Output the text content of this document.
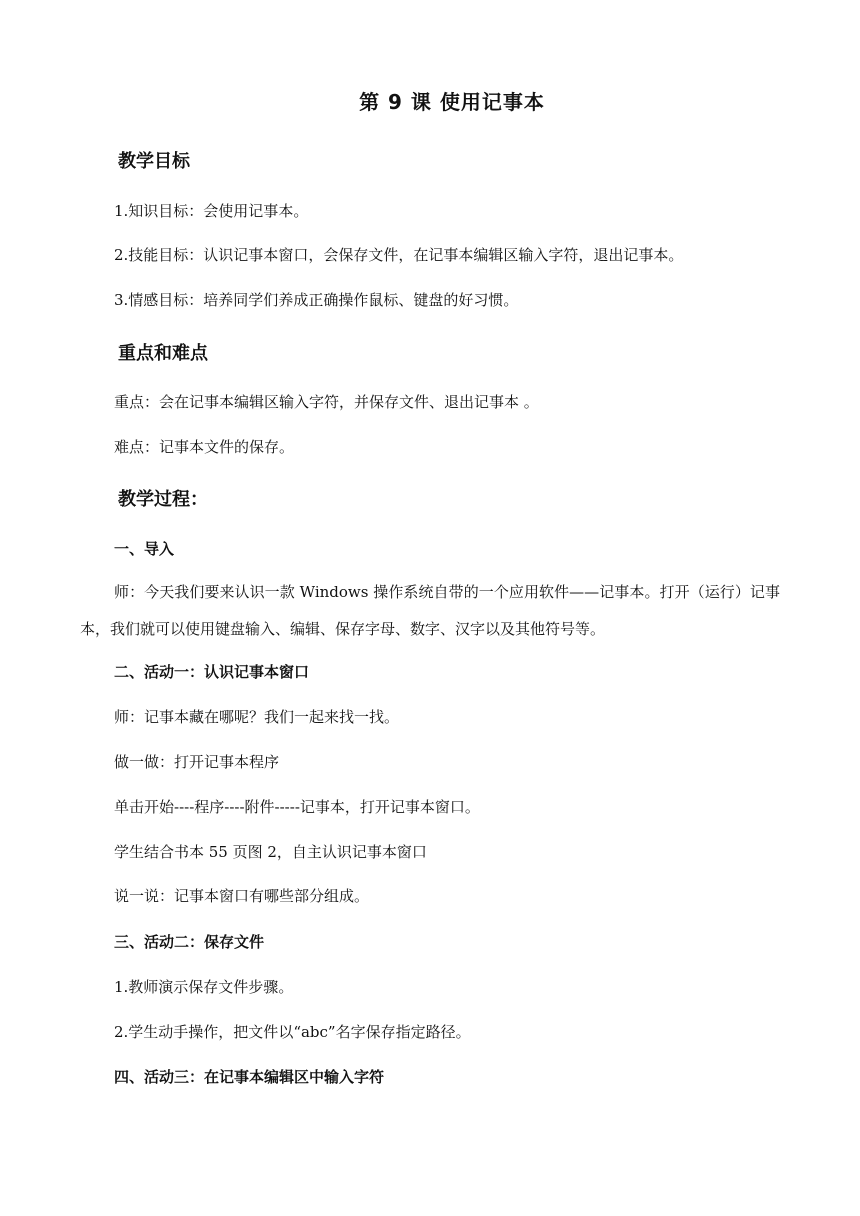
第 9 课 使用记事本
教学目标
1.知识目标：会使用记事本。
2.技能目标：认识记事本窗口，会保存文件，在记事本编辑区输入字符，退出记事本。
3.情感目标：培养同学们养成正确操作鼠标、键盘的好习惯。
重点和难点
重点：会在记事本编辑区输入字符，并保存文件、退出记事本 。
难点：记事本文件的保存。
教学过程：
一、导入
师：今天我们要来认识一款 Windows 操作系统自带的一个应用软件——记事本。打开（运行）记事本，我们就可以使用键盘输入、编辑、保存字母、数字、汉字以及其他符号等。
二、活动一：认识记事本窗口
师：记事本藏在哪呢？我们一起来找一找。
做一做：打开记事本程序
单击开始----程序----附件-----记事本，打开记事本窗口。
学生结合书本 55 页图 2，自主认识记事本窗口
说一说：记事本窗口有哪些部分组成。
三、活动二：保存文件
1.教师演示保存文件步骤。
2.学生动手操作，把文件以“abc”名字保存指定路径。
四、活动三：在记事本编辑区中输入字符
